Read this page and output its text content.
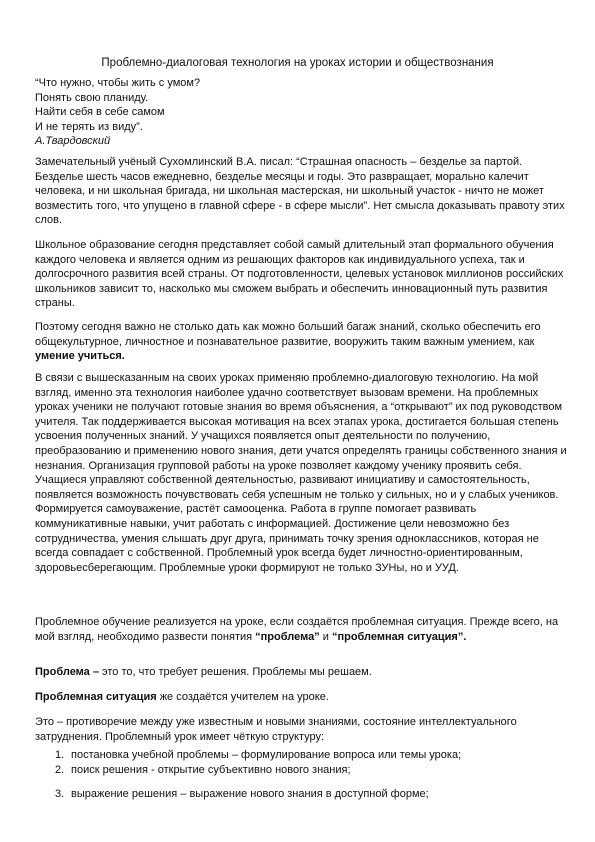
Проблемно-диалоговая технология на уроках истории и обществознания
“Что нужно, чтобы жить с умом?
Понять свою планиду.
Найти себя в себе самом
И не терять из виду”.
А.Твардовский

Замечательный учёный Сухомлинский В.А. писал: “Страшная опасность – безделье за партой. Безделье шесть часов ежедневно, безделье месяцы и годы. Это развращает, морально калечит человека, и ни школьная бригада, ни школьная мастерская, ни школьный участок - ничто не может возместить того, что упущено в главной сфере - в сфере мысли”. Нет смысла доказывать правоту этих слов.

Школьное образование сегодня представляет собой самый длительный этап формального обучения каждого человека и является одним из решающих факторов как индивидуального успеха, так и долгосрочного развития всей страны. От подготовленности, целевых установок миллионов российских школьников зависит то, насколько мы сможем выбрать и обеспечить инновационный путь развития страны.

Поэтому сегодня важно не столько дать как можно больший багаж знаний, сколько обеспечить его общекультурное, личностное и познавательное развитие, вооружить таким важным умением, как умение учиться.

В связи с вышесказанным на своих уроках применяю проблемно-диалоговую технологию. На мой взгляд, именно эта технология наиболее удачно соответствует вызовам времени. На проблемных уроках ученики не получают готовые знания во время объяснения, а “открывают” их под руководством учителя. Так поддерживается высокая мотивация на всех этапах урока, достигается большая степень усвоения полученных знаний. У учащихся появляется опыт деятельности по получению, преобразованию и применению нового знания, дети учатся определять границы собственного знания и незнания. Организация групповой работы на уроке позволяет каждому ученику проявить себя. Учащиеся управляют собственной деятельностью, развивают инициативу и самостоятельность, появляется возможность почувствовать себя успешным не только у сильных, но и у слабых учеников. Формируется самоуважение, растёт самооценка. Работа в группе помогает развивать коммуникативные навыки, учит работать с информацией. Достижение цели невозможно без сотрудничества, умения слышать друг друга, принимать точку зрения одноклассников, которая не всегда совпадает с собственной. Проблемный урок всегда будет личностно-ориентированным, здоровьесберегающим. Проблемные уроки формируют не только ЗУНы, но и УУД.

Проблемное обучение реализуется на уроке, если создаётся проблемная ситуация. Прежде всего, на мой взгляд, необходимо развести понятия “проблема” и “проблемная ситуация”.

Проблема – это то, что требует решения. Проблемы мы решаем.

Проблемная ситуация же создаётся учителем на уроке.

Это – противоречие между уже известным и новыми знаниями, состояние интеллектуального затруднения. Проблемный урок имеет чёткую структуру:

1. постановка учебной проблемы – формулирование вопроса или темы урока;
2. поиск решения - открытие субъективно нового знания;
3. выражение решения – выражение нового знания в доступной форме;
